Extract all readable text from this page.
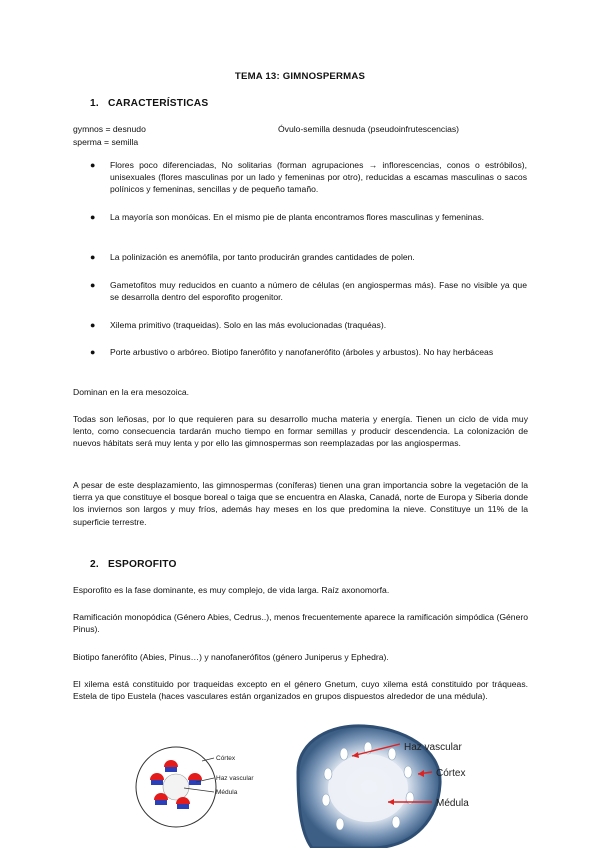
TEMA 13: GIMNOSPERMAS
1. CARACTERÍSTICAS
gymnos = desnudo
sperma = semilla
Óvulo-semilla desnuda (pseudoinfrutescencias)
● Flores poco diferenciadas, No solitarias (forman agrupaciones → inflorescencias, conos o estróbilos), unisexuales (flores masculinas por un lado y femeninas por otro), reducidas a escamas masculinas o sacos polínicos y femeninas, sencillas y de pequeño tamaño.
● La mayoría son monóicas. En el mismo pie de planta encontramos flores masculinas y femeninas.
● La polinización es anemófila, por tanto producirán grandes cantidades de polen.
● Gametofitos muy reducidos en cuanto a número de células (en angiospermas más). Fase no visible ya que se desarrolla dentro del esporofito progenitor.
● Xilema primitivo (traqueidas). Solo en las más evolucionadas (traquéas).
● Porte arbustivo o arbóreo. Biotipo fanerófito y nanofanerófito (árboles y arbustos). No hay herbáceas
Dominan en la era mesozoica.
Todas son leñosas, por lo que requieren para su desarrollo mucha materia y energía. Tienen un ciclo de vida muy lento, como consecuencia tardarán mucho tiempo en formar semillas y producir descendencia. La colonización de nuevos hábitats será muy lenta y por ello las gimnospermas son reemplazadas por las angiospermas.
A pesar de este desplazamiento, las gimnospermas (coníferas) tienen una gran importancia sobre la vegetación de la tierra ya que constituye el bosque boreal o taiga que se encuentra en Alaska, Canadá, norte de Europa y Siberia donde los inviernos son largos y muy fríos, además hay meses en los que predomina la nieve. Constituye un 11% de la superficie terrestre.
2. ESPOROFITO
Esporofito es la fase dominante, es muy complejo, de vida larga. Raíz axonomorfa.
Ramificación monopódica (Género Abies, Cedrus..), menos frecuentemente aparece la ramificación simpódica (Género Pinus).
Biotipo fanerófito (Abies, Pinus…) y nanofanerófitos (género Juniperus y Ephedra).
El xilema está constituido por traqueidas excepto en el género Gnetum, cuyo xilema está constituido por tráqueas. Estela de tipo Eustela (haces vasculares están organizados en grupos dispuestos alrededor de una médula).
Córtex
Haz vascular
Médula
Haz vascular
Córtex
Médula
